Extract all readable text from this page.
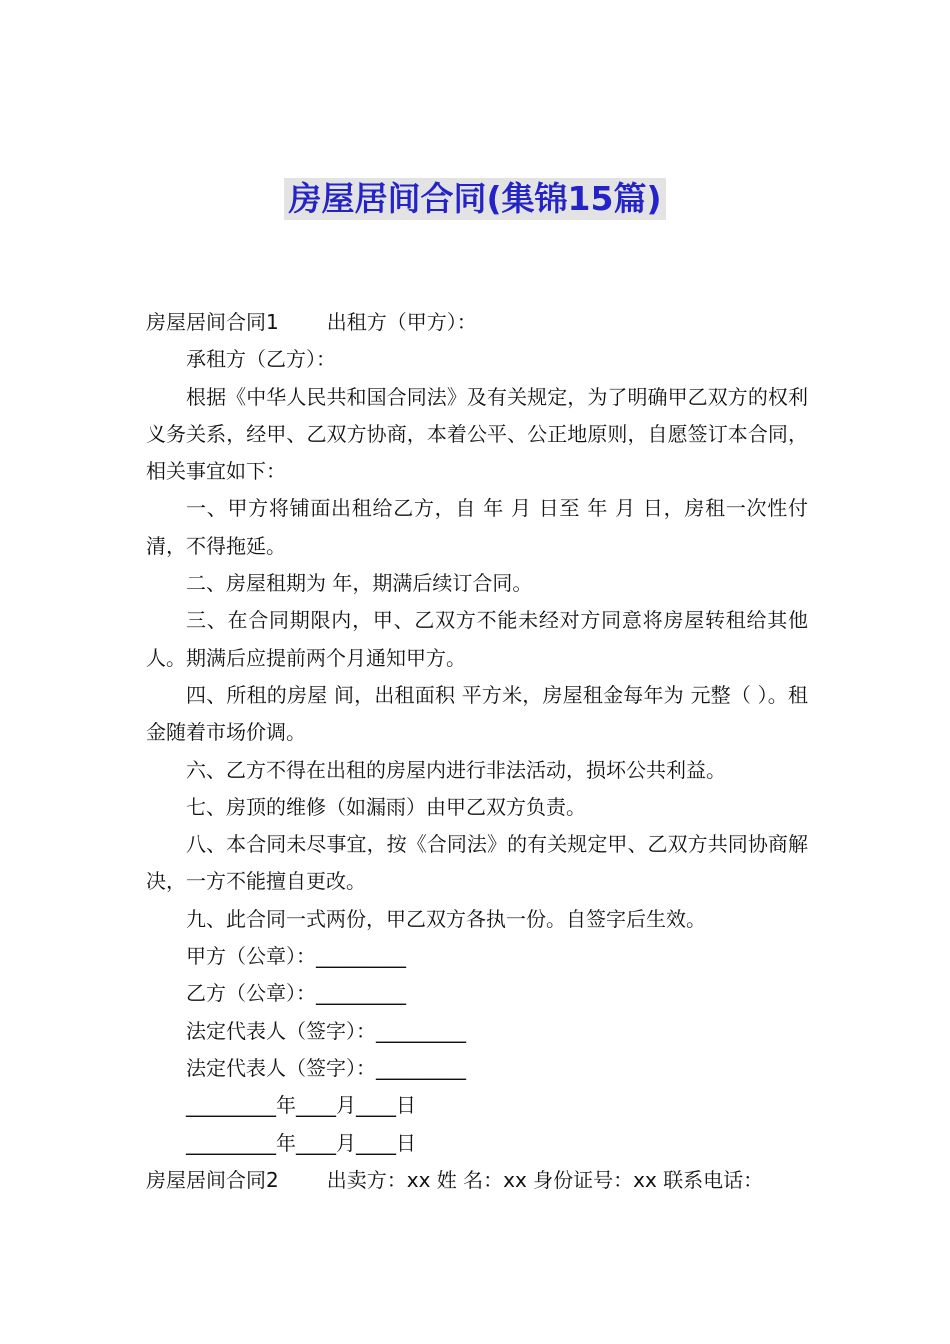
房屋居间合同(集锦15篇)

房屋居间合同1 出租方（甲方）：

承租方（乙方）：

根据《中华人民共和国合同法》及有关规定，为了明确甲乙双方的权利义务关系，经甲、乙双方协商，本着公平、公正地原则，自愿签订本合同，相关事宜如下：

一、甲方将铺面出租给乙方，自 年 月 日至 年 月 日，房租一次性付清，不得拖延。

二、房屋租期为 年，期满后续订合同。

三、在合同期限内，甲、乙双方不能未经对方同意将房屋转租给其他人。期满后应提前两个月通知甲方。

四、所租的房屋 间，出租面积 平方米，房屋租金每年为 元整（ ）。租金随着市场价调。

六、乙方不得在出租的房屋内进行非法活动，损坏公共利益。

七、房顶的维修（如漏雨）由甲乙双方负责。

八、本合同未尽事宜，按《合同法》的有关规定甲、乙双方共同协商解决，一方不能擅自更改。

九、此合同一式两份，甲乙双方各执一份。自签字后生效。

甲方（公章）：_________

乙方（公章）：_________

法定代表人（签字）：_________

法定代表人（签字）：_________

_________年____月____日

_________年____月____日

房屋居间合同2 出卖方：xx 姓 名：xx 身份证号：xx 联系电话：
